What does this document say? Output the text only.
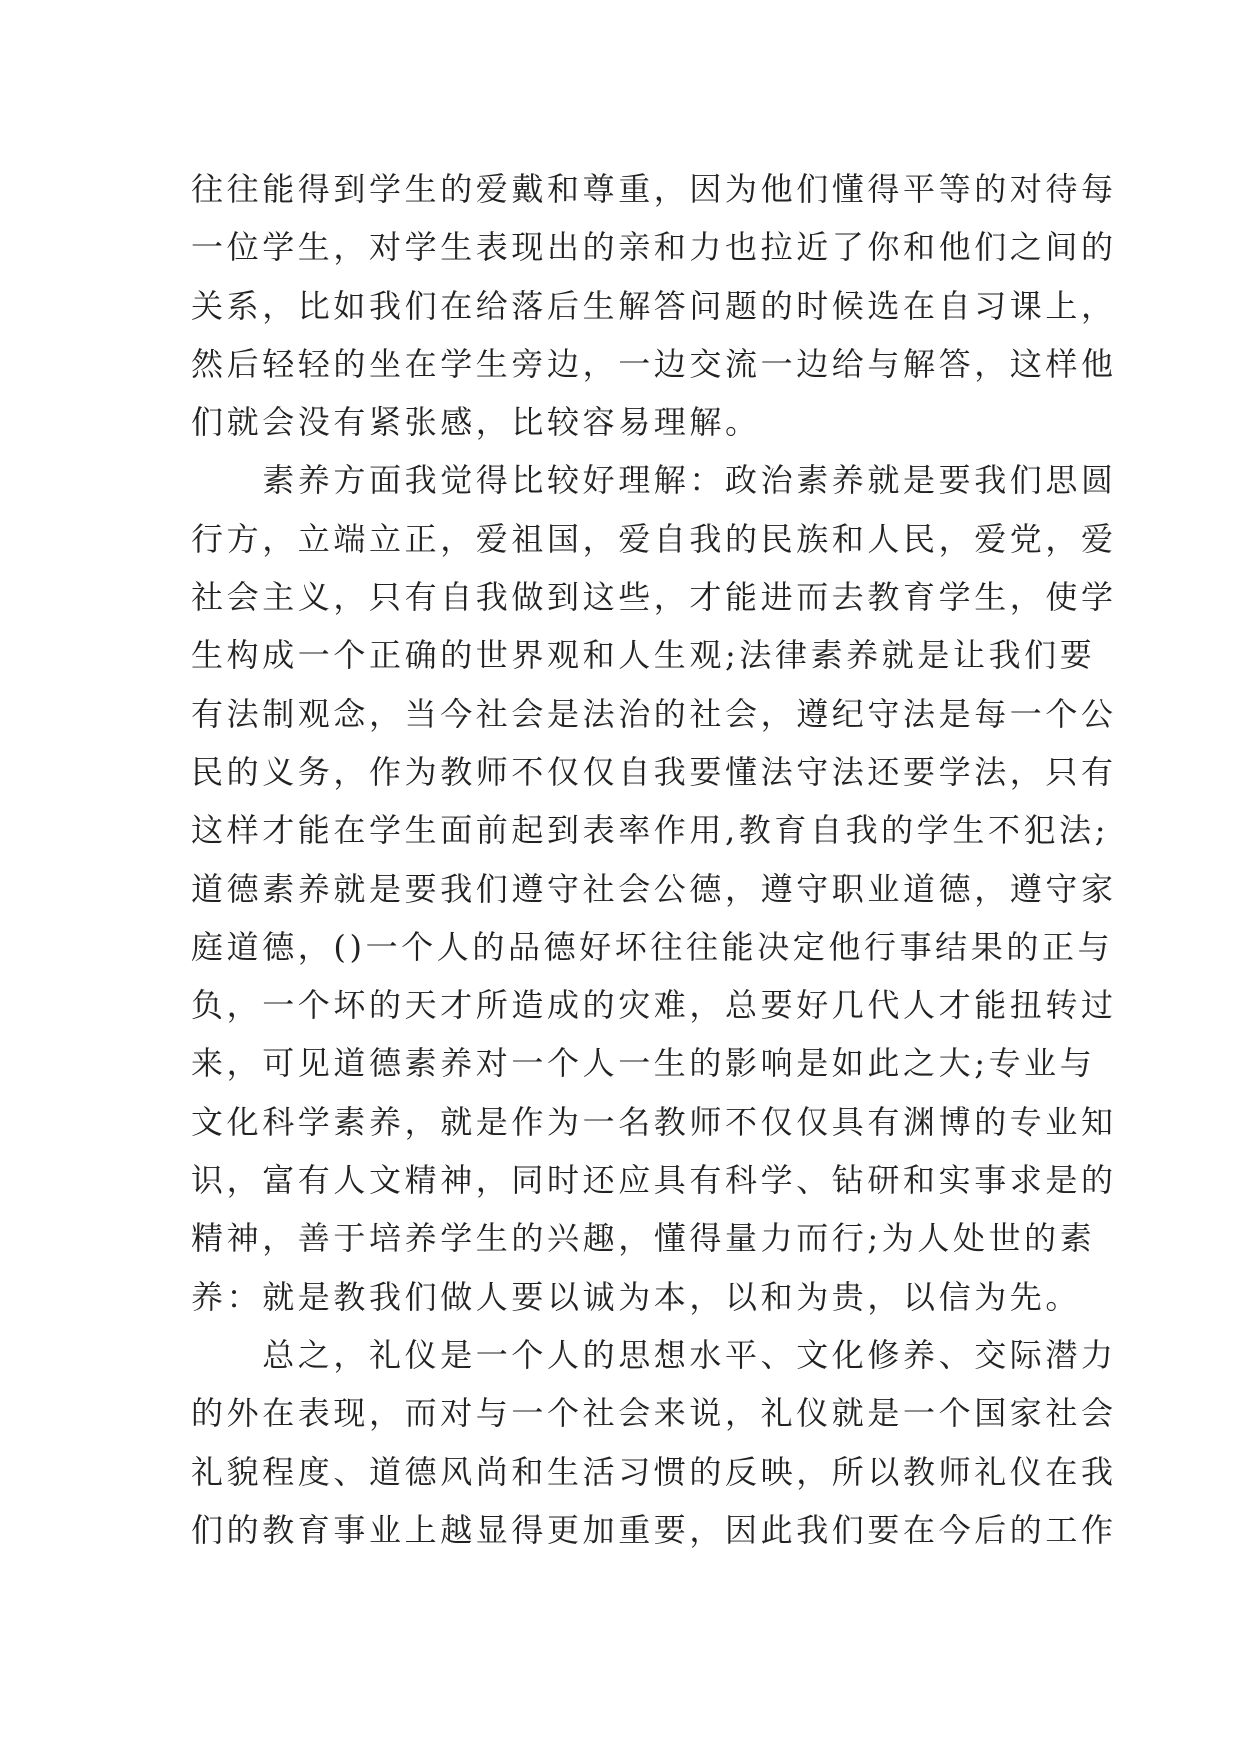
往往能得到学生的爱戴和尊重，因为他们懂得平等的对待每
一位学生，对学生表现出的亲和力也拉近了你和他们之间的
关系，比如我们在给落后生解答问题的时候选在自习课上，
然后轻轻的坐在学生旁边，一边交流一边给与解答，这样他
们就会没有紧张感，比较容易理解。
　　素养方面我觉得比较好理解：政治素养就是要我们思圆
行方，立端立正，爱祖国，爱自我的民族和人民，爱党，爱
社会主义，只有自我做到这些，才能进而去教育学生，使学
生构成一个正确的世界观和人生观;法律素养就是让我们要
有法制观念，当今社会是法治的社会，遵纪守法是每一个公
民的义务，作为教师不仅仅自我要懂法守法还要学法，只有
这样才能在学生面前起到表率作用,教育自我的学生不犯法;
道德素养就是要我们遵守社会公德，遵守职业道德，遵守家
庭道德，()一个人的品德好坏往往能决定他行事结果的正与
负，一个坏的天才所造成的灾难，总要好几代人才能扭转过
来，可见道德素养对一个人一生的影响是如此之大;专业与
文化科学素养，就是作为一名教师不仅仅具有渊博的专业知
识，富有人文精神，同时还应具有科学、钻研和实事求是的
精神，善于培养学生的兴趣，懂得量力而行;为人处世的素
养：就是教我们做人要以诚为本，以和为贵，以信为先。
　　总之，礼仪是一个人的思想水平、文化修养、交际潜力
的外在表现，而对与一个社会来说，礼仪就是一个国家社会
礼貌程度、道德风尚和生活习惯的反映，所以教师礼仪在我
们的教育事业上越显得更加重要，因此我们要在今后的工作
